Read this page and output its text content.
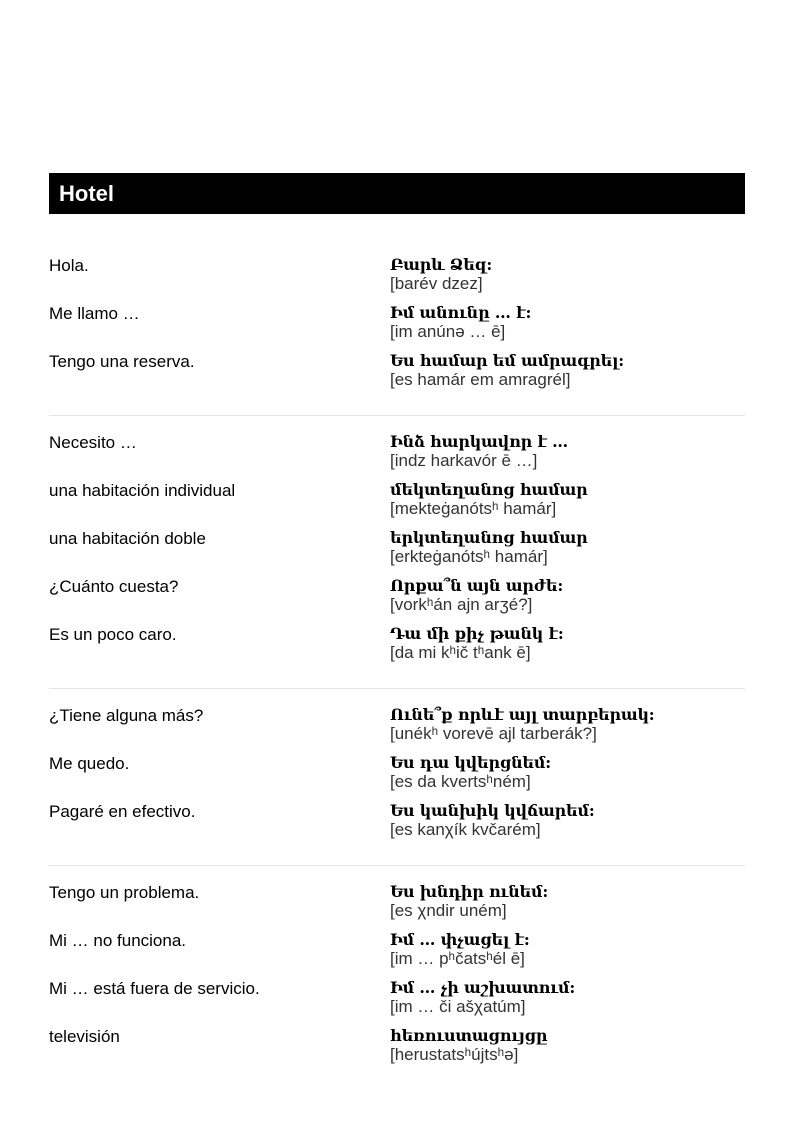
Hotel
Hola.	Բարև Ձեզ:
[barév dzez]
Me llamo …	Իմ անունը … է:
[im anúnə … ē]
Tengo una reserva.	Ես համար եմ ամրագրել:
[es hamár em amragrél]
Necesito …	Ինձ հարկավոր է …
[indz harkavór ē …]
una habitación individual	մեկտեղանոց համար
[mekteġanótsʰ hamár]
una habitación doble	երկտեղանոց համար
[erkteġanótsʰ hamár]
¿Cuánto cuesta?	Որքա՞ն այն արժե:
[vorkʰán ajn arʒé?]
Es un poco caro.	Դա մի քիչ թանկ է:
[da mi kʰič tʰank ē]
¿Tiene alguna más?	Ունե՞ք որևէ այլ տարբերակ:
[unékʰ vorevē ajl tarberák?]
Me quedo.	Ես դա կվերցնեմ:
[es da kvertsʰném]
Pagaré en efectivo.	Ես կանխիկ կվճարեմ:
[es kanχík kvčarém]
Tengo un problema.	Ես խնդիր ունեմ:
[es χndir uném]
Mi … no funciona.	Իմ … փչացել է:
[im … pʰčatsʰél ē]
Mi … está fuera de servicio.	Իմ … չի աշխատում:
[im … či ašχatúm]
televisión	հեռուստացույցը
[herustatsʰújtsʰə]
